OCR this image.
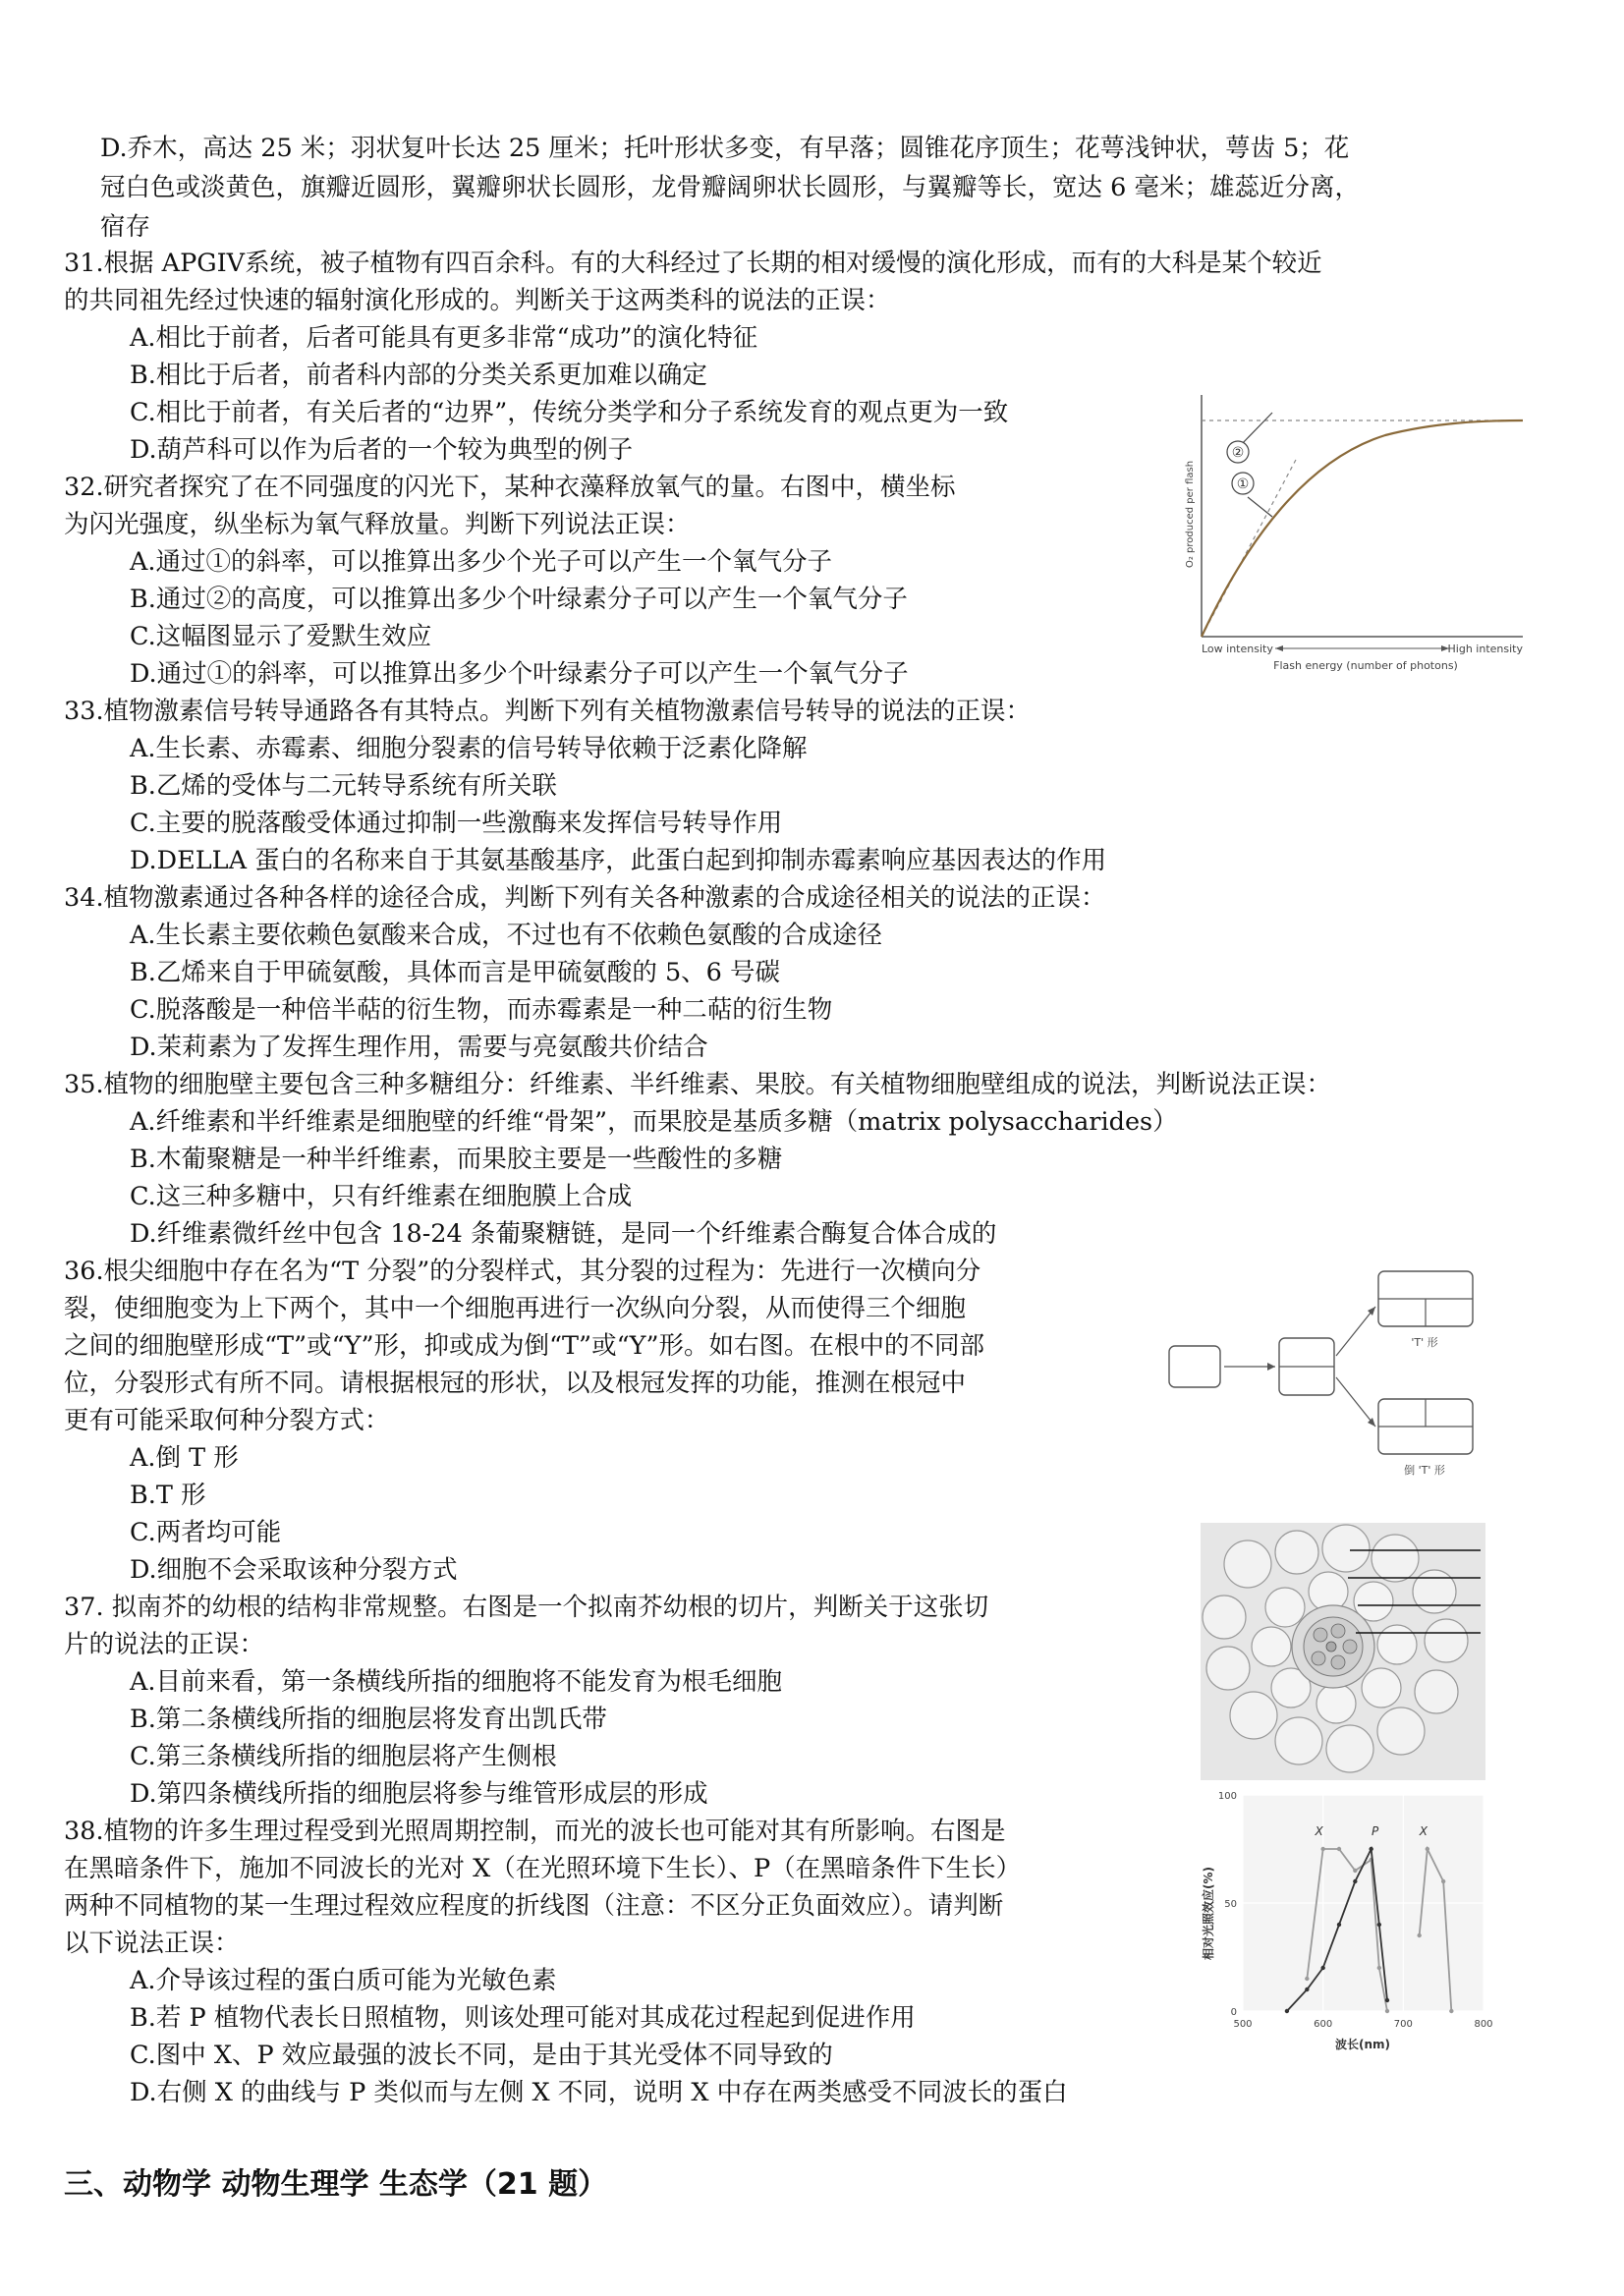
D.乔木，高达 25 米；羽状复叶长达 25 厘米；托叶形状多变，有早落；圆锥花序顶生；花萼浅钟状，萼齿 5；花
冠白色或淡黄色，旗瓣近圆形，翼瓣卵状长圆形，龙骨瓣阔卵状长圆形，与翼瓣等长，宽达 6 毫米；雄蕊近分离，
宿存
31.根据 APGIV系统，被子植物有四百余科。有的大科经过了长期的相对缓慢的演化形成，而有的大科是某个较近
的共同祖先经过快速的辐射演化形成的。判断关于这两类科的说法的正误：
A.相比于前者，后者可能具有更多非常“成功”的演化特征
B.相比于后者，前者科内部的分类关系更加难以确定
C.相比于前者，有关后者的“边界”，传统分类学和分子系统发育的观点更为一致
D.葫芦科可以作为后者的一个较为典型的例子
32.研究者探究了在不同强度的闪光下，某种衣藻释放氧气的量。右图中，横坐标
为闪光强度，纵坐标为氧气释放量。判断下列说法正误：
A.通过①的斜率，可以推算出多少个光子可以产生一个氧气分子
B.通过②的高度，可以推算出多少个叶绿素分子可以产生一个氧气分子
C.这幅图显示了爱默生效应
D.通过①的斜率，可以推算出多少个叶绿素分子可以产生一个氧气分子
②
①
O₂ produced per flash
Low intensity	High intensity
Flash energy (number of photons)
33.植物激素信号转导通路各有其特点。判断下列有关植物激素信号转导的说法的正误：
A.生长素、赤霉素、细胞分裂素的信号转导依赖于泛素化降解
B.乙烯的受体与二元转导系统有所关联
C.主要的脱落酸受体通过抑制一些激酶来发挥信号转导作用
D.DELLA 蛋白的名称来自于其氨基酸基序，此蛋白起到抑制赤霉素响应基因表达的作用
34.植物激素通过各种各样的途径合成，判断下列有关各种激素的合成途径相关的说法的正误：
A.生长素主要依赖色氨酸来合成，不过也有不依赖色氨酸的合成途径
B.乙烯来自于甲硫氨酸，具体而言是甲硫氨酸的 5、6 号碳
C.脱落酸是一种倍半萜的衍生物，而赤霉素是一种二萜的衍生物
D.茉莉素为了发挥生理作用，需要与亮氨酸共价结合
35.植物的细胞壁主要包含三种多糖组分：纤维素、半纤维素、果胶。有关植物细胞壁组成的说法，判断说法正误：
A.纤维素和半纤维素是细胞壁的纤维“骨架”，而果胶是基质多糖（matrix polysaccharides）
B.木葡聚糖是一种半纤维素，而果胶主要是一些酸性的多糖
C.这三种多糖中，只有纤维素在细胞膜上合成
D.纤维素微纤丝中包含 18-24 条葡聚糖链，是同一个纤维素合酶复合体合成的
36.根尖细胞中存在名为“T 分裂”的分裂样式，其分裂的过程为：先进行一次横向分
裂，使细胞变为上下两个，其中一个细胞再进行一次纵向分裂，从而使得三个细胞
之间的细胞壁形成“T”或“Y”形，抑或成为倒“T”或“Y”形。如右图。在根中的不同部
位，分裂形式有所不同。请根据根冠的形状，以及根冠发挥的功能，推测在根冠中
更有可能采取何种分裂方式：
A.倒 T 形
B.T 形
C.两者均可能
D.细胞不会采取该种分裂方式
'T' 形
倒 'T' 形
37. 拟南芥的幼根的结构非常规整。右图是一个拟南芥幼根的切片，判断关于这张切
片的说法的正误：
A.目前来看，第一条横线所指的细胞将不能发育为根毛细胞
B.第二条横线所指的细胞层将发育出凯氏带
C.第三条横线所指的细胞层将产生侧根
D.第四条横线所指的细胞层将参与维管形成层的形成
38.植物的许多生理过程受到光照周期控制，而光的波长也可能对其有所影响。右图是
在黑暗条件下，施加不同波长的光对 X（在光照环境下生长）、P（在黑暗条件下生长）
两种不同植物的某一生理过程效应程度的折线图（注意：不区分正负面效应）。请判断
以下说法正误：
A.介导该过程的蛋白质可能为光敏色素
B.若 P 植物代表长日照植物，则该处理可能对其成花过程起到促进作用
C.图中 X、P 效应最强的波长不同，是由于其光受体不同导致的
D.右侧 X 的曲线与 P 类似而与左侧 X 不同，说明 X 中存在两类感受不同波长的蛋白
500	600	700	800
0
50
100
X	P	X
波长(nm)
相对光照效应(%)
三、动物学 动物生理学 生态学（21 题）
